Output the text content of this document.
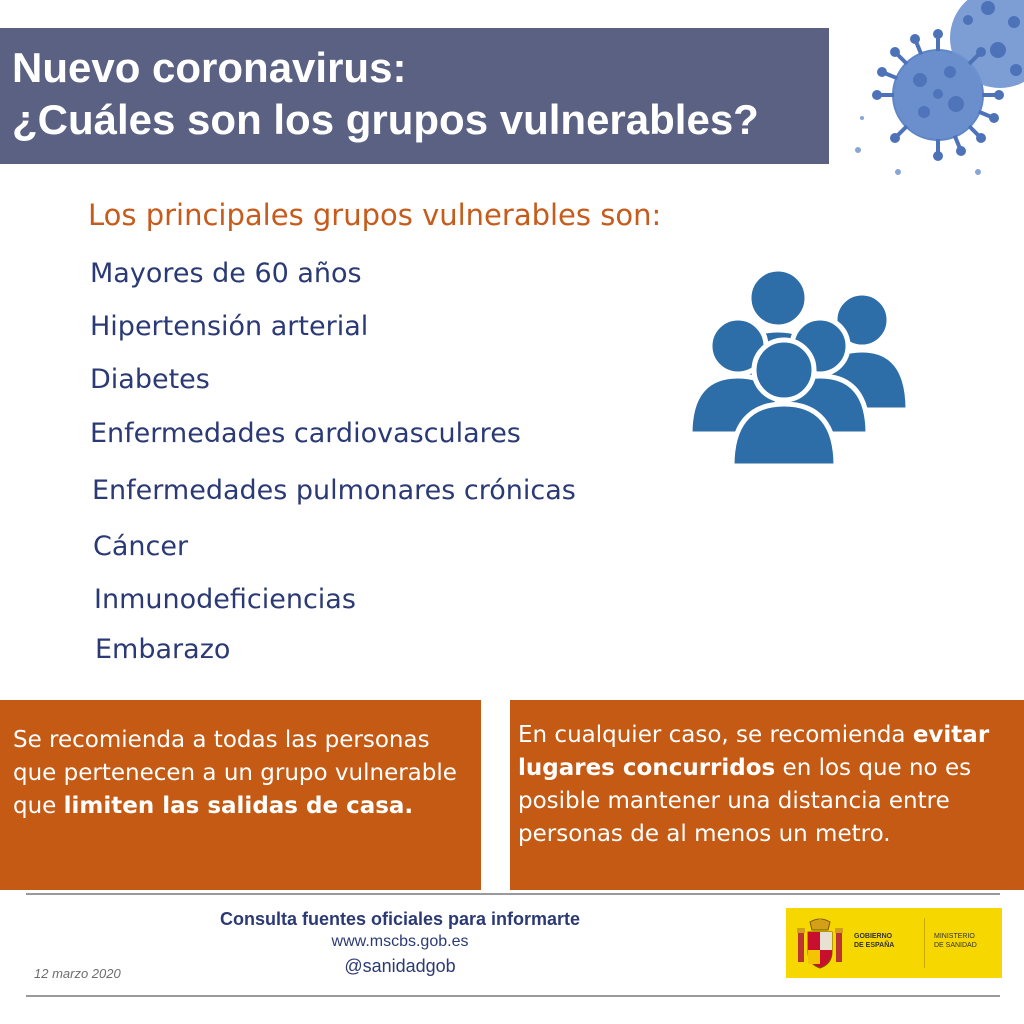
Nuevo coronavirus:
¿Cuáles son los grupos vulnerables?
Los principales grupos vulnerables son:
Mayores de 60 años
Hipertensión arterial
Diabetes
Enfermedades cardiovasculares
Enfermedades pulmonares crónicas
Cáncer
Inmunodeficiencias
Embarazo
Se recomienda a todas las personas que pertenecen a un grupo vulnerable que limiten las salidas de casa.
En cualquier caso, se recomienda evitar lugares concurridos en los que no es posible mantener una distancia entre personas de al menos un metro.
Consulta fuentes oficiales para informarte
www.mscbs.gob.es
@sanidadgob
12 marzo 2020
GOBIERNO
DE ESPAÑA
MINISTERIO
DE SANIDAD
